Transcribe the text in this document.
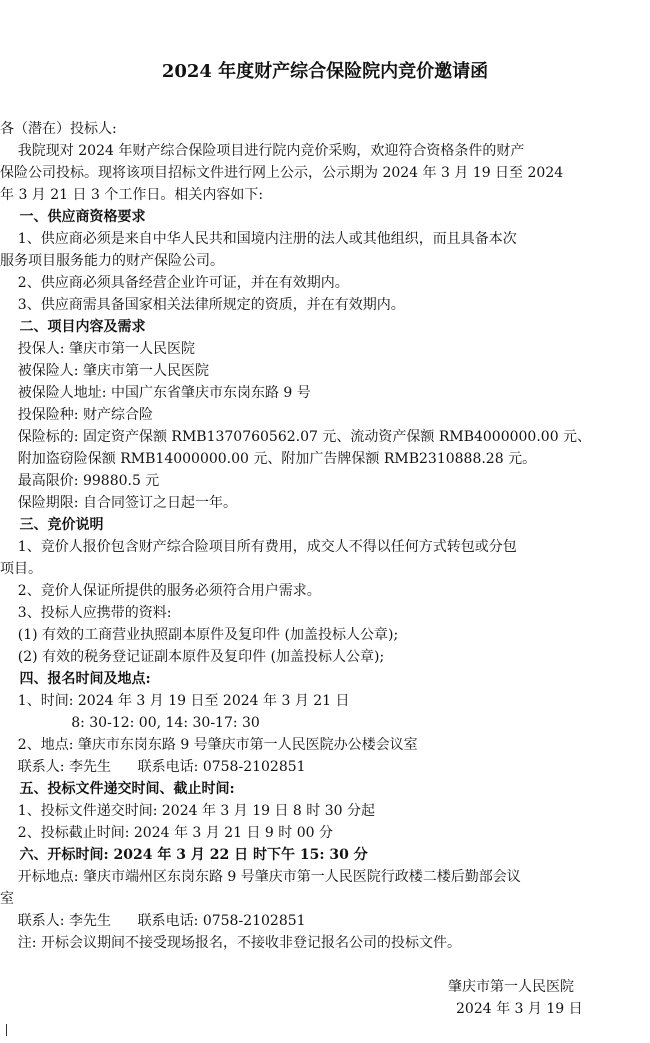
2024 年度财产综合保险院内竞价邀请函
各（潜在）投标人:
我院现对 2024 年财产综合保险项目进行院内竞价采购，欢迎符合资格条件的财产
保险公司投标。现将该项目招标文件进行网上公示，公示期为 2024 年 3 月 19 日至 2024
年 3 月 21 日 3 个工作日。相关内容如下:
一、供应商资格要求
1、供应商必须是来自中华人民共和国境内注册的法人或其他组织，而且具备本次
服务项目服务能力的财产保险公司。
2、供应商必须具备经营企业许可证，并在有效期内。
3、供应商需具备国家相关法律所规定的资质，并在有效期内。
二、项目内容及需求
投保人: 肇庆市第一人民医院
被保险人: 肇庆市第一人民医院
被保险人地址: 中国广东省肇庆市东岗东路 9 号
投保险种: 财产综合险
保险标的: 固定资产保额 RMB1370760562.07 元、流动资产保额 RMB4000000.00 元、
附加盗窃险保额 RMB14000000.00 元、附加广告牌保额 RMB2310888.28 元。
最高限价: 99880.5 元
保险期限: 自合同签订之日起一年。
三、竞价说明
1、竞价人报价包含财产综合险项目所有费用，成交人不得以任何方式转包或分包
项目。
2、竞价人保证所提供的服务必须符合用户需求。
3、投标人应携带的资料:
(1) 有效的工商营业执照副本原件及复印件 (加盖投标人公章);
(2) 有效的税务登记证副本原件及复印件 (加盖投标人公章);
四、报名时间及地点:
1、时间: 2024 年 3 月 19 日至 2024 年 3 月 21 日
8: 30-12: 00, 14: 30-17: 30
2、地点: 肇庆市东岗东路 9 号肇庆市第一人民医院办公楼会议室
联系人: 李先生      联系电话: 0758-2102851
五、投标文件递交时间、截止时间:
1、投标文件递交时间: 2024 年 3 月 19 日 8 时 30 分起
2、投标截止时间: 2024 年 3 月 21 日 9 时 00 分
六、开标时间: 2024 年 3 月 22 日 时下午 15: 30 分
开标地点: 肇庆市端州区东岗东路 9 号肇庆市第一人民医院行政楼二楼后勤部会议
室
联系人: 李先生      联系电话: 0758-2102851
注: 开标会议期间不接受现场报名，不接收非登记报名公司的投标文件。
肇庆市第一人民医院
2024 年 3 月 19 日
